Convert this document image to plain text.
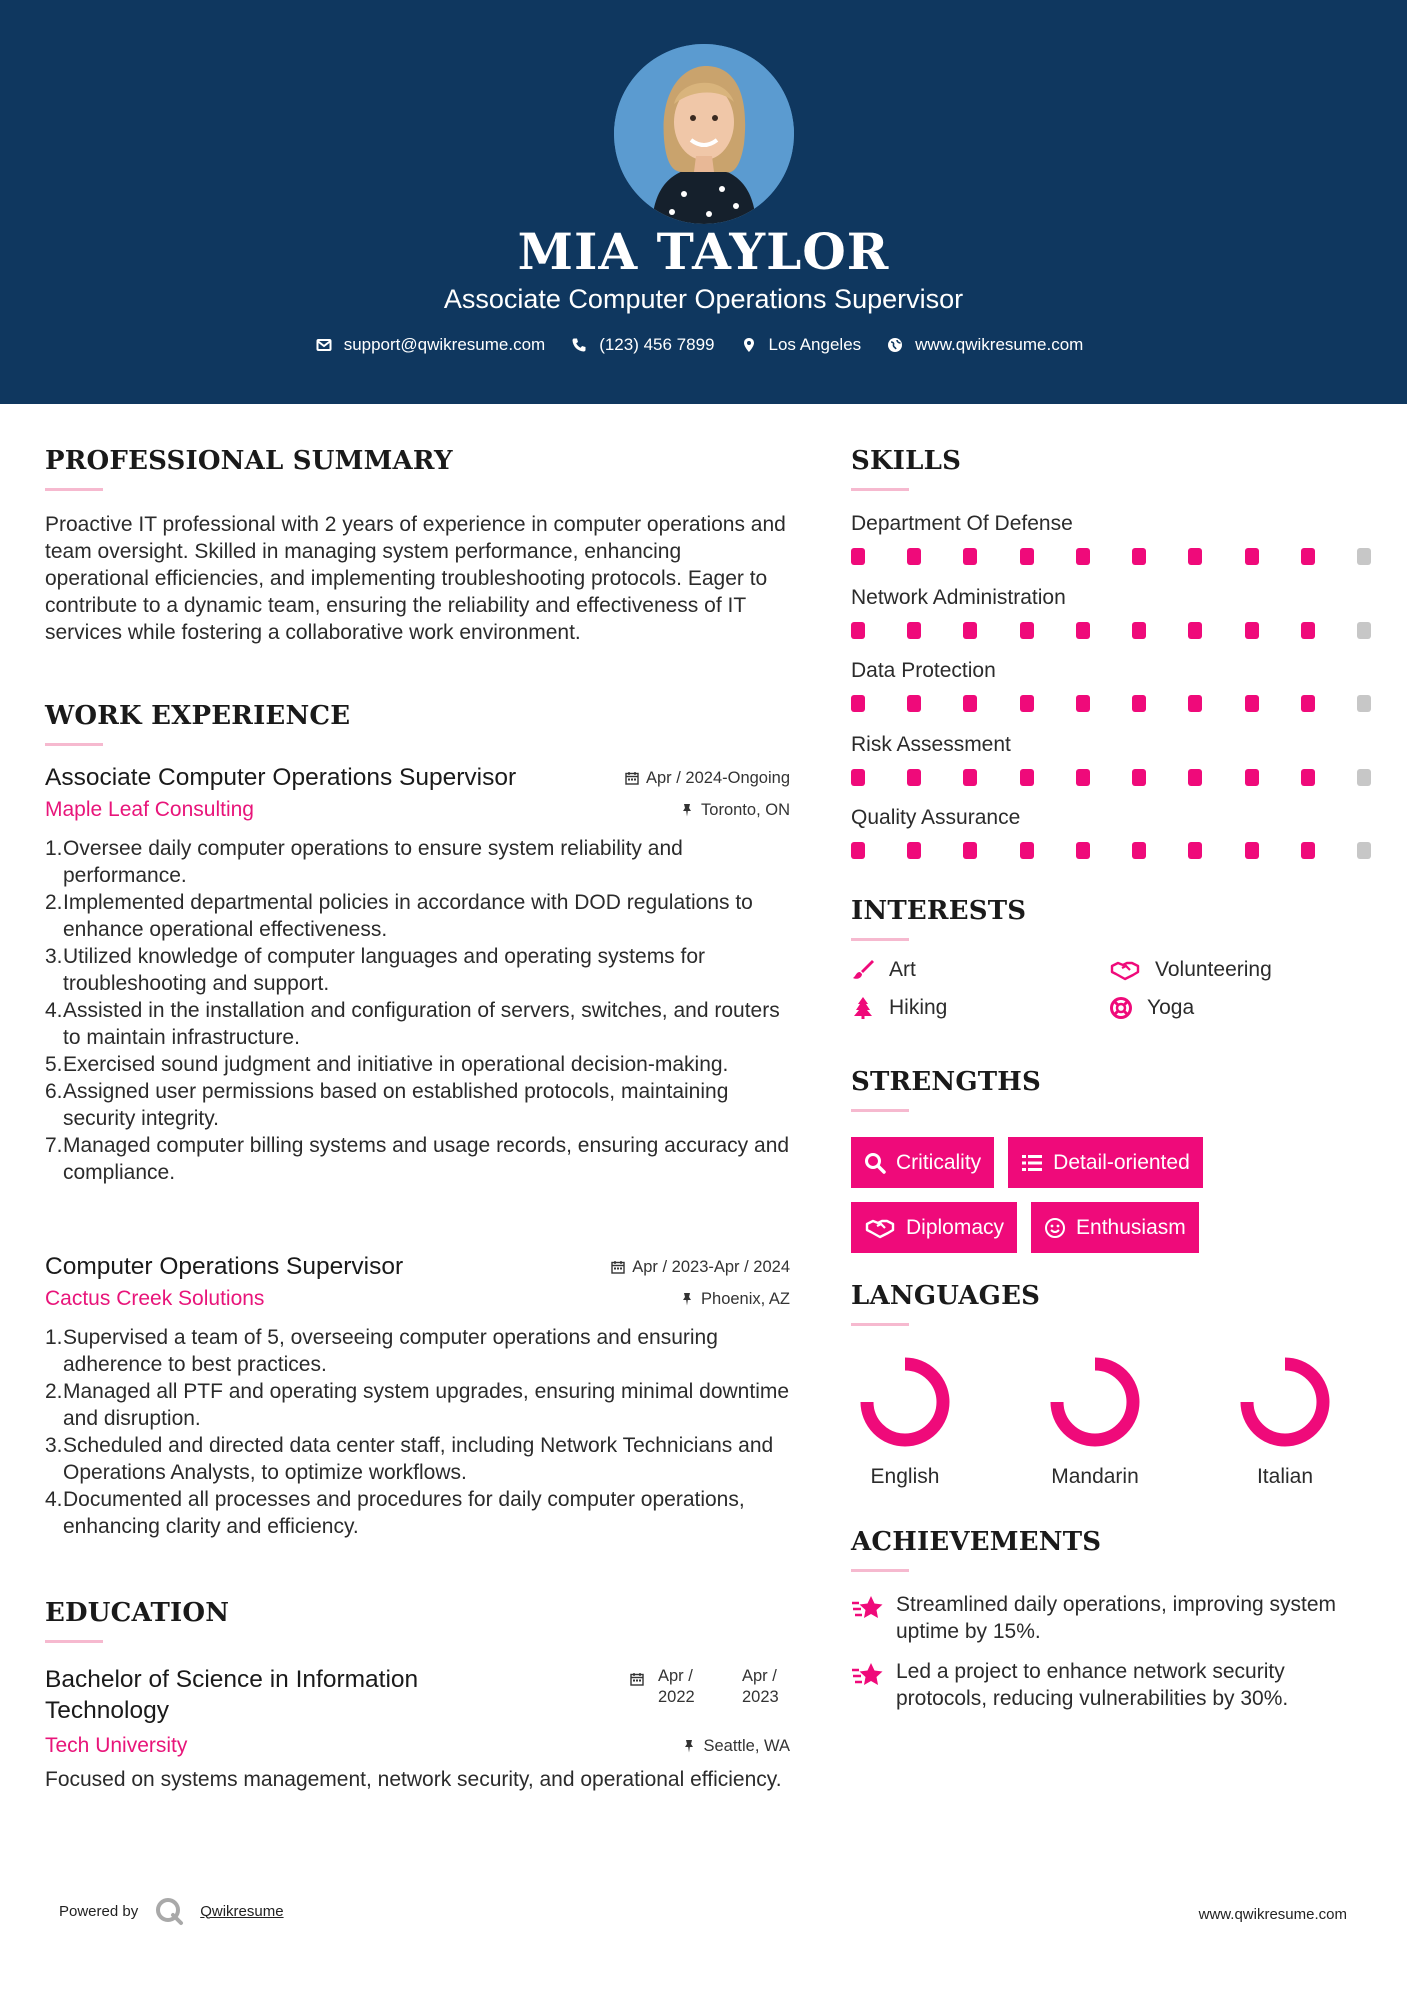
MIA TAYLOR
Associate Computer Operations Supervisor
support@qwikresume.com	(123) 456 7899	Los Angeles	www.qwikresume.com
PROFESSIONAL SUMMARY
Proactive IT professional with 2 years of experience in computer operations and team oversight. Skilled in managing system performance, enhancing operational efficiencies, and implementing troubleshooting protocols. Eager to contribute to a dynamic team, ensuring the reliability and effectiveness of IT services while fostering a collaborative work environment.
WORK EXPERIENCE
Associate Computer Operations Supervisor	Apr / 2024-Ongoing
Maple Leaf Consulting	Toronto, ON
1. Oversee daily computer operations to ensure system reliability and performance.
2. Implemented departmental policies in accordance with DOD regulations to enhance operational effectiveness.
3. Utilized knowledge of computer languages and operating systems for troubleshooting and support.
4. Assisted in the installation and configuration of servers, switches, and routers to maintain infrastructure.
5. Exercised sound judgment and initiative in operational decision-making.
6. Assigned user permissions based on established protocols, maintaining security integrity.
7. Managed computer billing systems and usage records, ensuring accuracy and compliance.
Computer Operations Supervisor	Apr / 2023-Apr / 2024
Cactus Creek Solutions	Phoenix, AZ
1. Supervised a team of 5, overseeing computer operations and ensuring adherence to best practices.
2. Managed all PTF and operating system upgrades, ensuring minimal downtime and disruption.
3. Scheduled and directed data center staff, including Network Technicians and Operations Analysts, to optimize workflows.
4. Documented all processes and procedures for daily computer operations, enhancing clarity and efficiency.
EDUCATION
Bachelor of Science in Information Technology
Apr / 2022
Apr / 2023
Tech University	Seattle, WA
Focused on systems management, network security, and operational efficiency.
SKILLS
Department Of Defense
Network Administration
Data Protection
Risk Assessment
Quality Assurance
INTERESTS
Art	Volunteering
Hiking	Yoga
STRENGTHS
Criticality	Detail-oriented
Diplomacy	Enthusiasm
LANGUAGES
English	Mandarin	Italian
ACHIEVEMENTS
Streamlined daily operations, improving system uptime by 15%.
Led a project to enhance network security protocols, reducing vulnerabilities by 30%.
Powered by	Qwikresume	www.qwikresume.com
